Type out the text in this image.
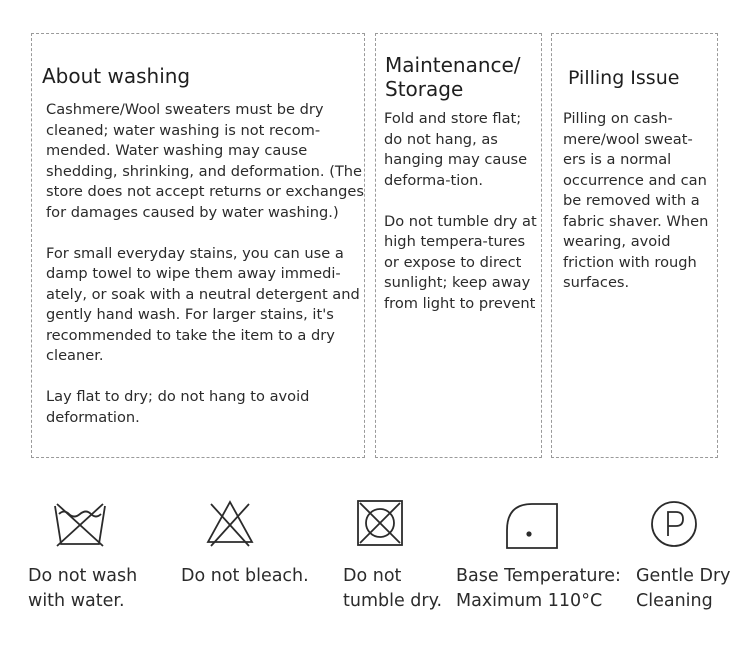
About washing

Cashmere/Wool sweaters must be dry cleaned; water washing is not recom-mended. Water washing may cause shedding, shrinking, and deformation. (The store does not accept returns or exchanges for damages caused by water washing.)

For small everyday stains, you can use a damp towel to wipe them away immedi-ately, or soak with a neutral detergent and gently hand wash. For larger stains, it's recommended to take the item to a dry cleaner.

Lay flat to dry; do not hang to avoid deformation.

Maintenance/
Storage

Fold and store flat; do not hang, as hanging may cause deforma-tion.

Do not tumble dry at high tempera-tures or expose to direct sunlight; keep away from light to prevent

Pilling Issue

Pilling on cash-mere/wool sweat-ers is a normal occurrence and can be removed with a fabric shaver. When wearing, avoid friction with rough surfaces.

Do not wash
with water.
Do not bleach. Do not
tumble dry.
Base Temperature:
Maximum 110°C
Gentle Dry
Cleaning
